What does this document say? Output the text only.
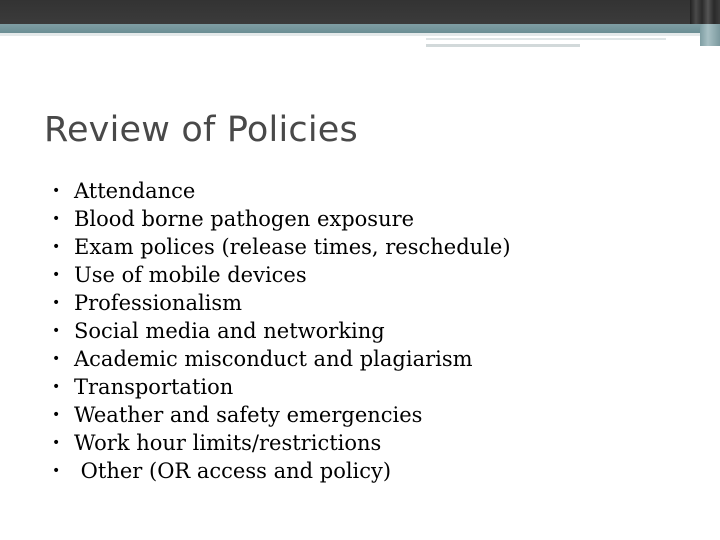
Review of Policies
• Attendance
• Blood borne pathogen exposure
• Exam polices (release times, reschedule)
• Use of mobile devices
• Professionalism
• Social media and networking
• Academic misconduct and plagiarism
• Transportation
• Weather and safety emergencies
• Work hour limits/restrictions
• Other (OR access and policy)
